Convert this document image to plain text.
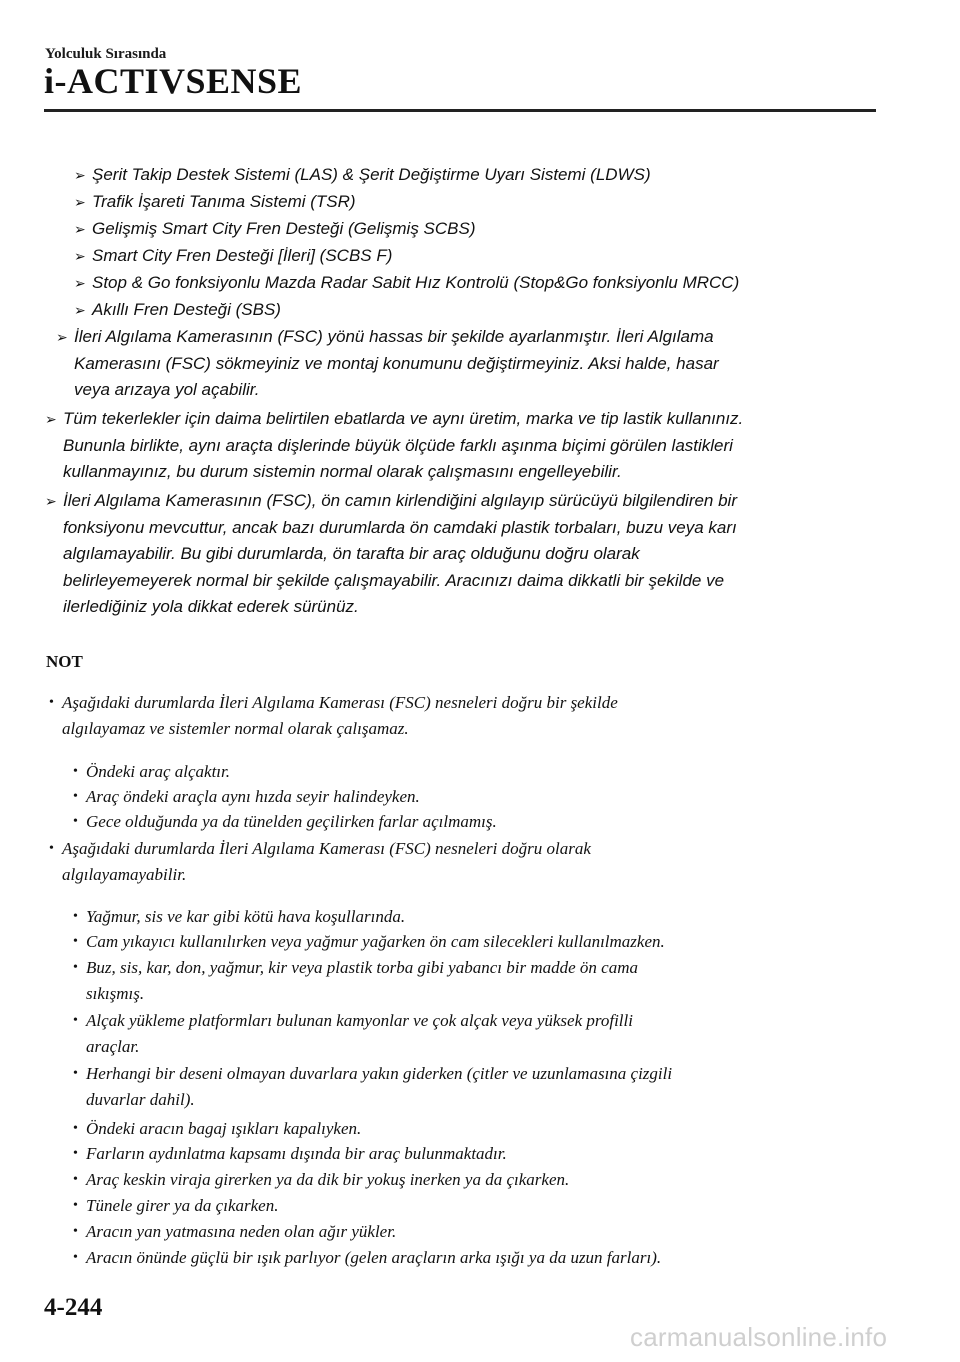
Yolculuk Sırasında
i-ACTIVSENSE
➢ Şerit Takip Destek Sistemi (LAS) & Şerit Değiştirme Uyarı Sistemi (LDWS)
➢ Trafik İşareti Tanıma Sistemi (TSR)
➢ Gelişmiş Smart City Fren Desteği (Gelişmiş SCBS)
➢ Smart City Fren Desteği [İleri] (SCBS F)
➢ Stop & Go fonksiyonlu Mazda Radar Sabit Hız Kontrolü (Stop&Go fonksiyonlu MRCC)
➢ Akıllı Fren Desteği (SBS)
➢ İleri Algılama Kamerasının (FSC) yönü hassas bir şekilde ayarlanmıştır. İleri Algılama
Kamerasını (FSC) sökmeyiniz ve montaj konumunu değiştirmeyiniz. Aksi halde, hasar
veya arızaya yol açabilir.
➢ Tüm tekerlekler için daima belirtilen ebatlarda ve aynı üretim, marka ve tip lastik kullanınız.
Bununla birlikte, aynı araçta dişlerinde büyük ölçüde farklı aşınma biçimi görülen lastikleri
kullanmayınız, bu durum sistemin normal olarak çalışmasını engelleyebilir.
➢ İleri Algılama Kamerasının (FSC), ön camın kirlendiğini algılayıp sürücüyü bilgilendiren bir
fonksiyonu mevcuttur, ancak bazı durumlarda ön camdaki plastik torbaları, buzu veya karı
algılamayabilir. Bu gibi durumlarda, ön tarafta bir araç olduğunu doğru olarak
belirleyemeyerek normal bir şekilde çalışmayabilir. Aracınızı daima dikkatli bir şekilde ve
ilerlediğiniz yola dikkat ederek sürünüz.
NOT
• Aşağıdaki durumlarda İleri Algılama Kamerası (FSC) nesneleri doğru bir şekilde
algılayamaz ve sistemler normal olarak çalışamaz.
• Öndeki araç alçaktır.
• Araç öndeki araçla aynı hızda seyir halindeyken.
• Gece olduğunda ya da tünelden geçilirken farlar açılmamış.
• Aşağıdaki durumlarda İleri Algılama Kamerası (FSC) nesneleri doğru olarak
algılayamayabilir.
• Yağmur, sis ve kar gibi kötü hava koşullarında.
• Cam yıkayıcı kullanılırken veya yağmur yağarken ön cam silecekleri kullanılmazken.
• Buz, sis, kar, don, yağmur, kir veya plastik torba gibi yabancı bir madde ön cama
sıkışmış.
• Alçak yükleme platformları bulunan kamyonlar ve çok alçak veya yüksek profilli
araçlar.
• Herhangi bir deseni olmayan duvarlara yakın giderken (çitler ve uzunlamasına çizgili
duvarlar dahil).
• Öndeki aracın bagaj ışıkları kapalıyken.
• Farların aydınlatma kapsamı dışında bir araç bulunmaktadır.
• Araç keskin viraja girerken ya da dik bir yokuş inerken ya da çıkarken.
• Tünele girer ya da çıkarken.
• Aracın yan yatmasına neden olan ağır yükler.
• Aracın önünde güçlü bir ışık parlıyor (gelen araçların arka ışığı ya da uzun farları).
4-244
carmanualsonline.info
